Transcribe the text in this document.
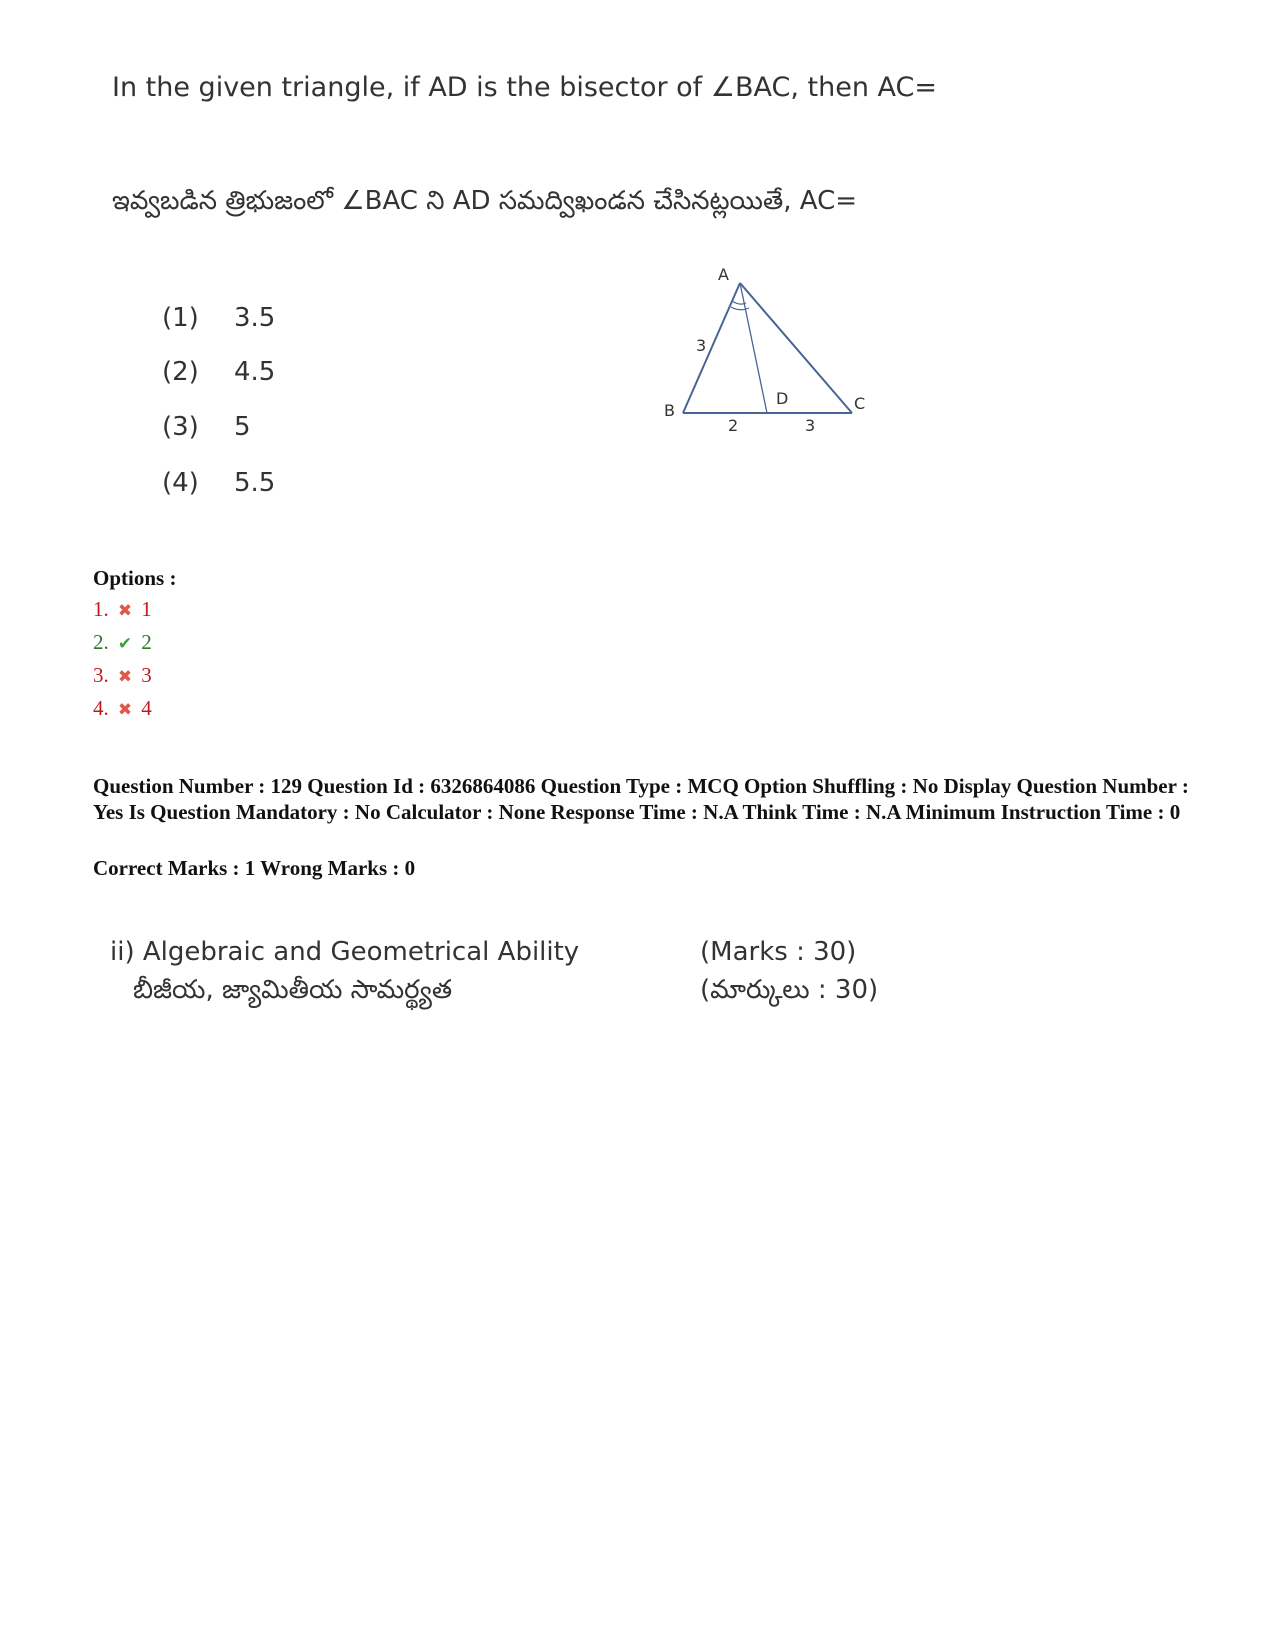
In the given triangle, if AD is the bisector of ∠BAC, then AC=
ఇవ్వబడిన త్రిభుజంలో ∠BAC ని AD సమద్విఖండన చేసినట్లయితే, AC=
(1) 3.5
(2) 4.5
(3) 5
(4) 5.5
A
B	C
D
3
2	3
Options :
1. ✖ 1
2. ✔ 2
3. ✖ 3
4. ✖ 4
Question Number : 129 Question Id : 6326864086 Question Type : MCQ Option Shuffling : No Display Question Number : Yes Is Question Mandatory : No Calculator : None Response Time : N.A Think Time : N.A Minimum Instruction Time : 0
Correct Marks : 1 Wrong Marks : 0
ii) Algebraic and Geometrical Ability
బీజీయ, జ్యామితీయ సామర్థ్యత
(Marks : 30)
(మార్కులు : 30)
